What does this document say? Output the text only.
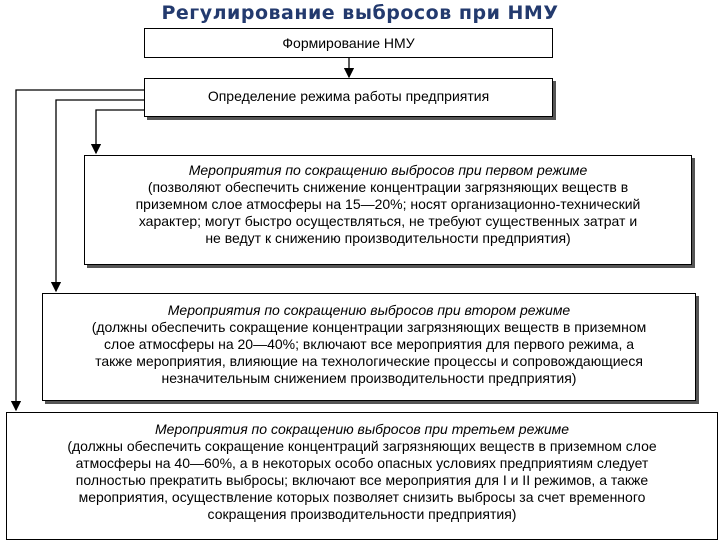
Регулирование выбросов при НМУ
Формирование НМУ
Определение режима работы предприятия
Мероприятия по сокращению выбросов при первом режиме
(позволяют обеспечить снижение концентрации загрязняющих веществ в
приземном слое атмосферы на 15—20%; носят организационно-технический
характер; могут быстро осуществляться, не требуют существенных затрат и
не ведут к снижению производительности предприятия)
Мероприятия по сокращению выбросов при втором режиме
(должны обеспечить сокращение концентрации загрязняющих веществ в приземном
слое атмосферы на 20—40%; включают все мероприятия для первого режима, а
также мероприятия, влияющие на технологические процессы и сопровождающиеся
незначительным снижением производительности предприятия)
Мероприятия по сокращению выбросов при третьем режиме
(должны обеспечить сокращение концентраций загрязняющих веществ в приземном слое
атмосферы на 40—60%, а в некоторых особо опасных условиях предприятиям следует
полностью прекратить выбросы; включают все мероприятия для I и II режимов, а также
мероприятия, осуществление которых позволяет снизить выбросы за счет временного
сокращения производительности предприятия)
